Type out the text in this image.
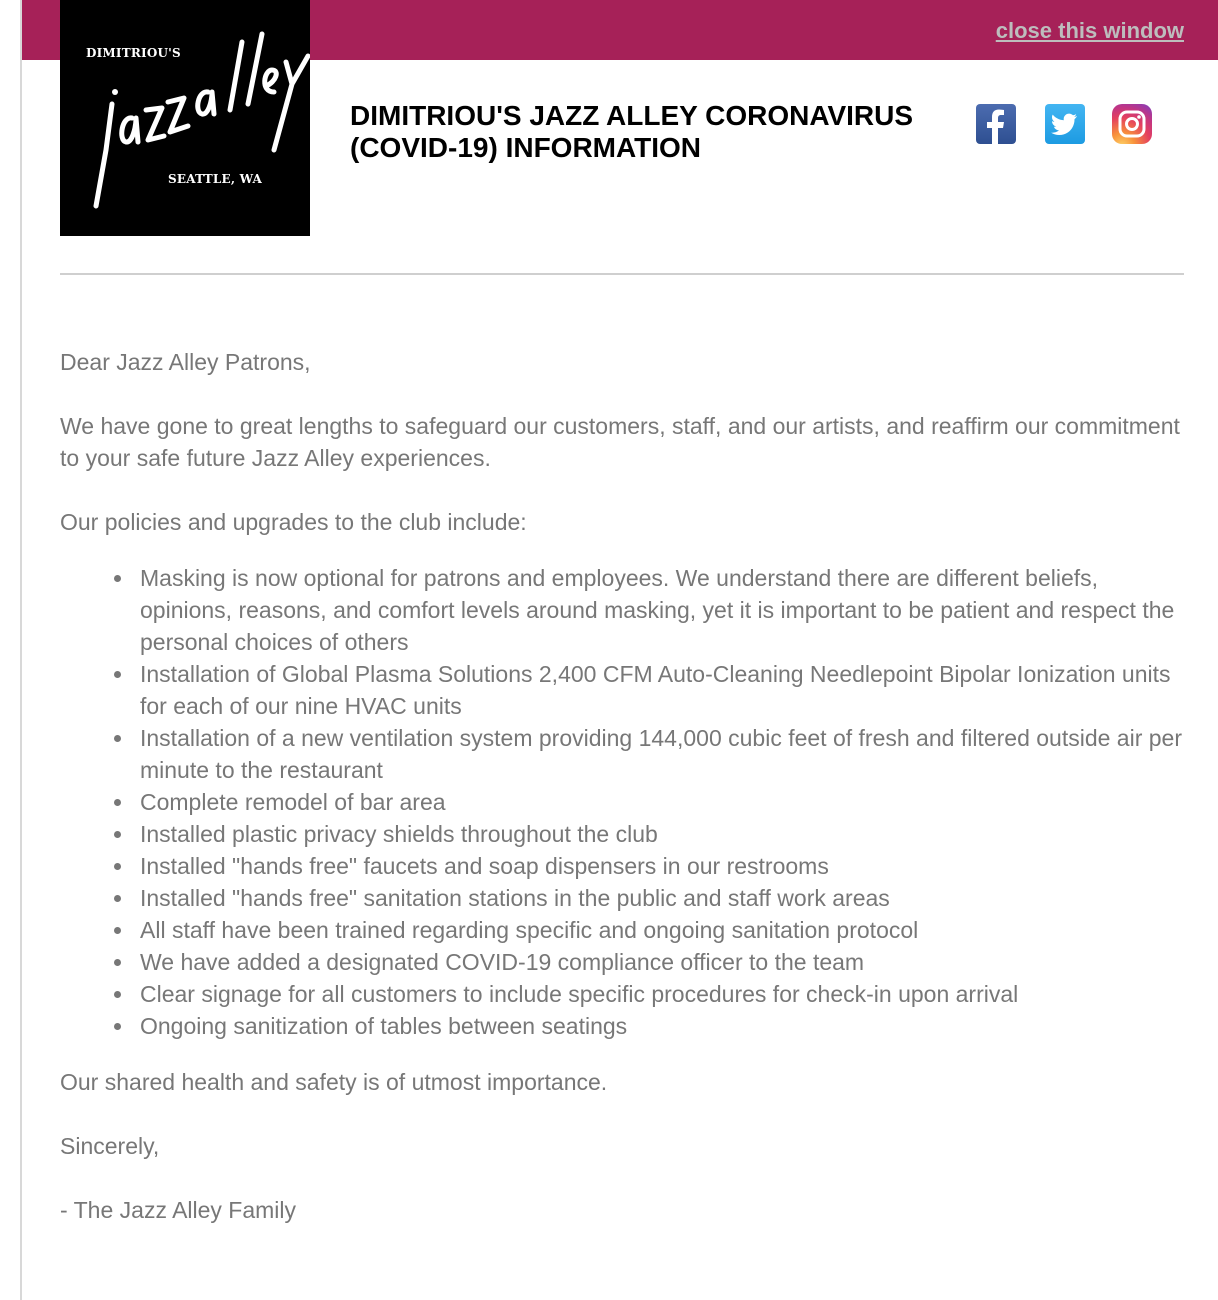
close this window
DIMITRIOU'S
SEATTLE, WA
DIMITRIOU'S JAZZ ALLEY CORONAVIRUS (COVID-19) INFORMATION

Dear Jazz Alley Patrons,

We have gone to great lengths to safeguard our customers, staff, and our artists, and reaffirm our commitment to your safe future Jazz Alley experiences.

Our policies and upgrades to the club include:

Masking is now optional for patrons and employees. We understand there are different beliefs, opinions, reasons, and comfort levels around masking, yet it is important to be patient and respect the personal choices of others
Installation of Global Plasma Solutions 2,400 CFM Auto-Cleaning Needlepoint Bipolar Ionization units for each of our nine HVAC units
Installation of a new ventilation system providing 144,000 cubic feet of fresh and filtered outside air per minute to the restaurant
Complete remodel of bar area
Installed plastic privacy shields throughout the club
Installed "hands free" faucets and soap dispensers in our restrooms
Installed "hands free" sanitation stations in the public and staff work areas
All staff have been trained regarding specific and ongoing sanitation protocol
We have added a designated COVID-19 compliance officer to the team
Clear signage for all customers to include specific procedures for check-in upon arrival
Ongoing sanitization of tables between seatings

Our shared health and safety is of utmost importance.

Sincerely,

- The Jazz Alley Family
